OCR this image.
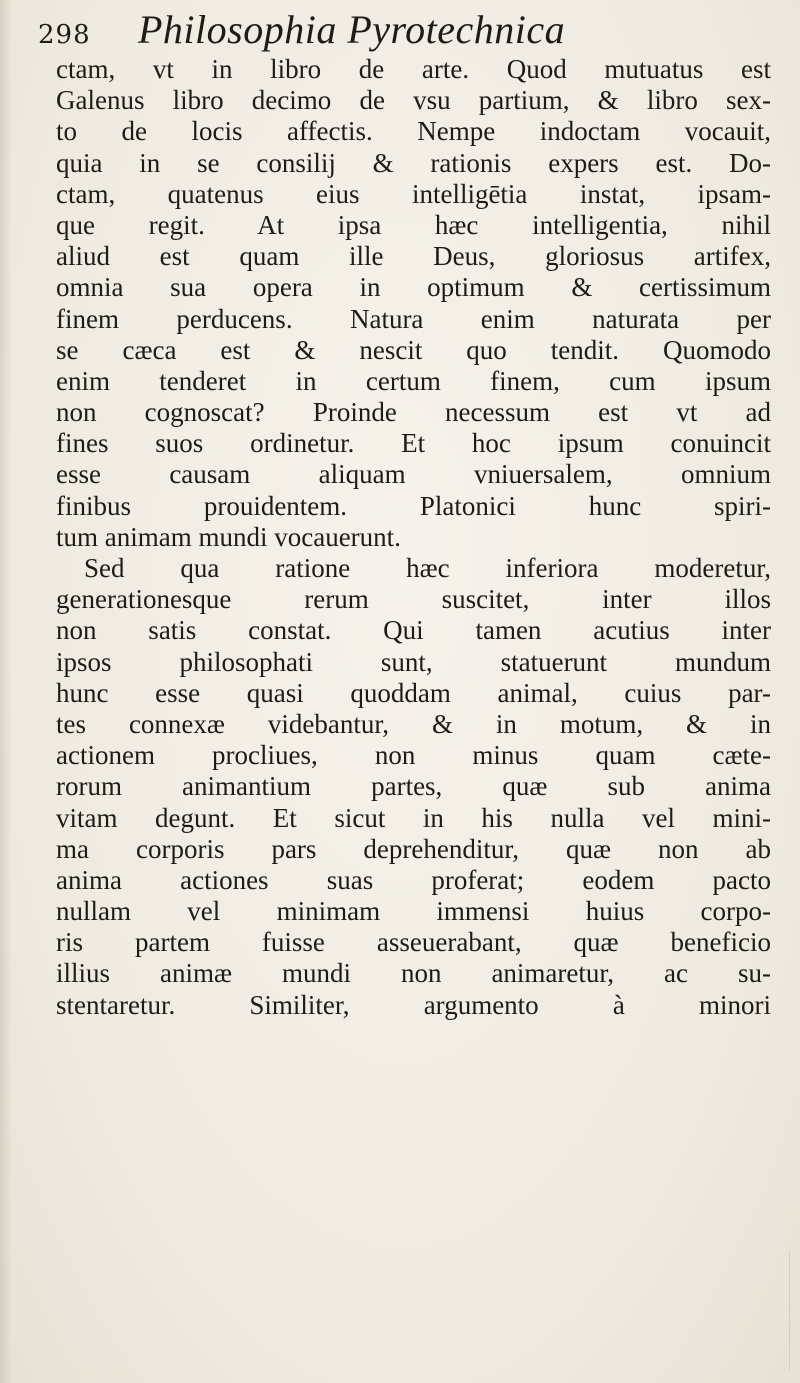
298 Philosophia Pyrotechnica
ctam, vt in libro de arte. Quod mutuatus est
Galenus libro decimo de vsu partium, & libro sex-
to de locis affectis. Nempe indoctam vocauit,
quia in se consilij & rationis expers est. Do-
ctam, quatenus eius intelligētia instat, ipsam-
que regit. At ipsa hæc intelligentia, nihil
aliud est quam ille Deus, gloriosus artifex,
omnia sua opera in optimum & certissimum
finem perducens. Natura enim naturata per
se cæca est & nescit quo tendit. Quomodo
enim tenderet in certum finem, cum ipsum
non cognoscat? Proinde necessum est vt ad
fines suos ordinetur. Et hoc ipsum conuincit
esse causam aliquam vniuersalem, omnium
finibus prouidentem. Platonici hunc spiri-
tum animam mundi vocauerunt.
Sed qua ratione hæc inferiora moderetur,
generationesque rerum suscitet, inter illos
non satis constat. Qui tamen acutius inter
ipsos philosophati sunt, statuerunt mundum
hunc esse quasi quoddam animal, cuius par-
tes connexæ videbantur, & in motum, & in
actionem procliues, non minus quam cæte-
rorum animantium partes, quæ sub anima
vitam degunt. Et sicut in his nulla vel mini-
ma corporis pars deprehenditur, quæ non ab
anima actiones suas proferat; eodem pacto
nullam vel minimam immensi huius corpo-
ris partem fuisse asseuerabant, quæ beneficio
illius animæ mundi non animaretur, ac su-
stentaretur. Similiter, argumento à minori
